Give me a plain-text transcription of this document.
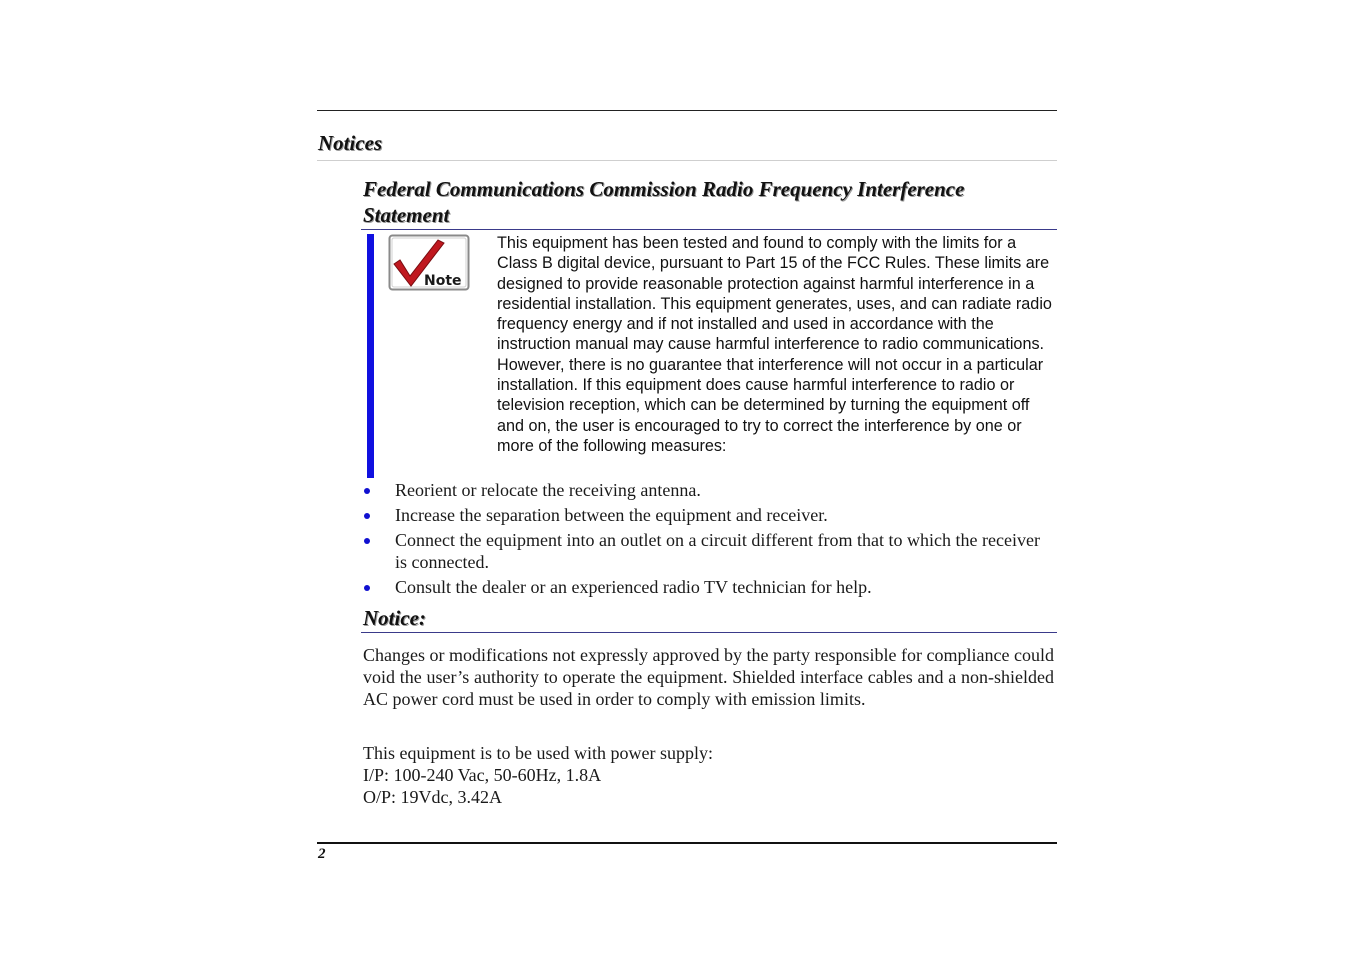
Notices
Federal Communications Commission Radio Frequency Interference Statement
Note

This equipment has been tested and found to comply with the limits for a Class B digital device, pursuant to Part 15 of the FCC Rules. These limits are designed to provide reasonable protection against harmful interference in a residential installation. This equipment generates, uses, and can radiate radio frequency energy and if not installed and used in accordance with the instruction manual may cause harmful interference to radio communications. However, there is no guarantee that interference will not occur in a particular installation. If this equipment does cause harmful interference to radio or television reception, which can be determined by turning the equipment off and on, the user is encouraged to try to correct the interference by one or more of the following measures:

Reorient or relocate the receiving antenna.
Increase the separation between the equipment and receiver.
Connect the equipment into an outlet on a circuit different from that to which the receiver is connected.
Consult the dealer or an experienced radio TV technician for help.
Notice:

Changes or modifications not expressly approved by the party responsible for compliance could void the user’s authority to operate the equipment. Shielded interface cables and a non-shielded AC power cord must be used in order to comply with emission limits.

This equipment is to be used with power supply:
I/P: 100-240 Vac, 50-60Hz, 1.8A
O/P: 19Vdc, 3.42A

2
